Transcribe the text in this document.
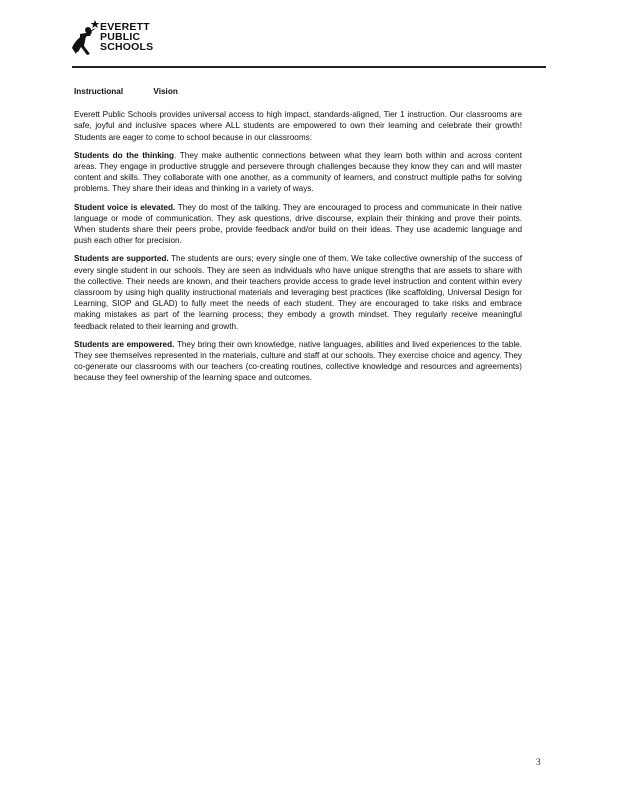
EVERETT
PUBLIC
SCHOOLS
Instructional Vision

Everett Public Schools provides universal access to high impact, standards-aligned, Tier 1 instruction. Our classrooms are safe, joyful and inclusive spaces where ALL students are empowered to own their learning and celebrate their growth! Students are eager to come to school because in our classrooms:

Students do the thinking. They make authentic connections between what they learn both within and across content areas. They engage in productive struggle and persevere through challenges because they know they can and will master content and skills. They collaborate with one another, as a community of learners, and construct multiple paths for solving problems. They share their ideas and thinking in a variety of ways.

Student voice is elevated. They do most of the talking. They are encouraged to process and communicate in their native language or mode of communication. They ask questions, drive discourse, explain their thinking and prove their points. When students share their peers probe, provide feedback and/or build on their ideas. They use academic language and push each other for precision.

Students are supported. The students are ours; every single one of them. We take collective ownership of the success of every single student in our schools. They are seen as individuals who have unique strengths that are assets to share with the collective. Their needs are known, and their teachers provide access to grade level instruction and content within every classroom by using high quality instructional materials and leveraging best practices (like scaffolding, Universal Design for Learning, SIOP and GLAD) to fully meet the needs of each student. They are encouraged to take risks and embrace making mistakes as part of the learning process; they embody a growth mindset. They regularly receive meaningful feedback related to their learning and growth.

Students are empowered. They bring their own knowledge, native languages, abilities and lived experiences to the table. They see themselves represented in the materials, culture and staff at our schools. They exercise choice and agency. They co-generate our classrooms with our teachers (co-creating routines, collective knowledge and resources and agreements) because they feel ownership of the learning space and outcomes.

3
